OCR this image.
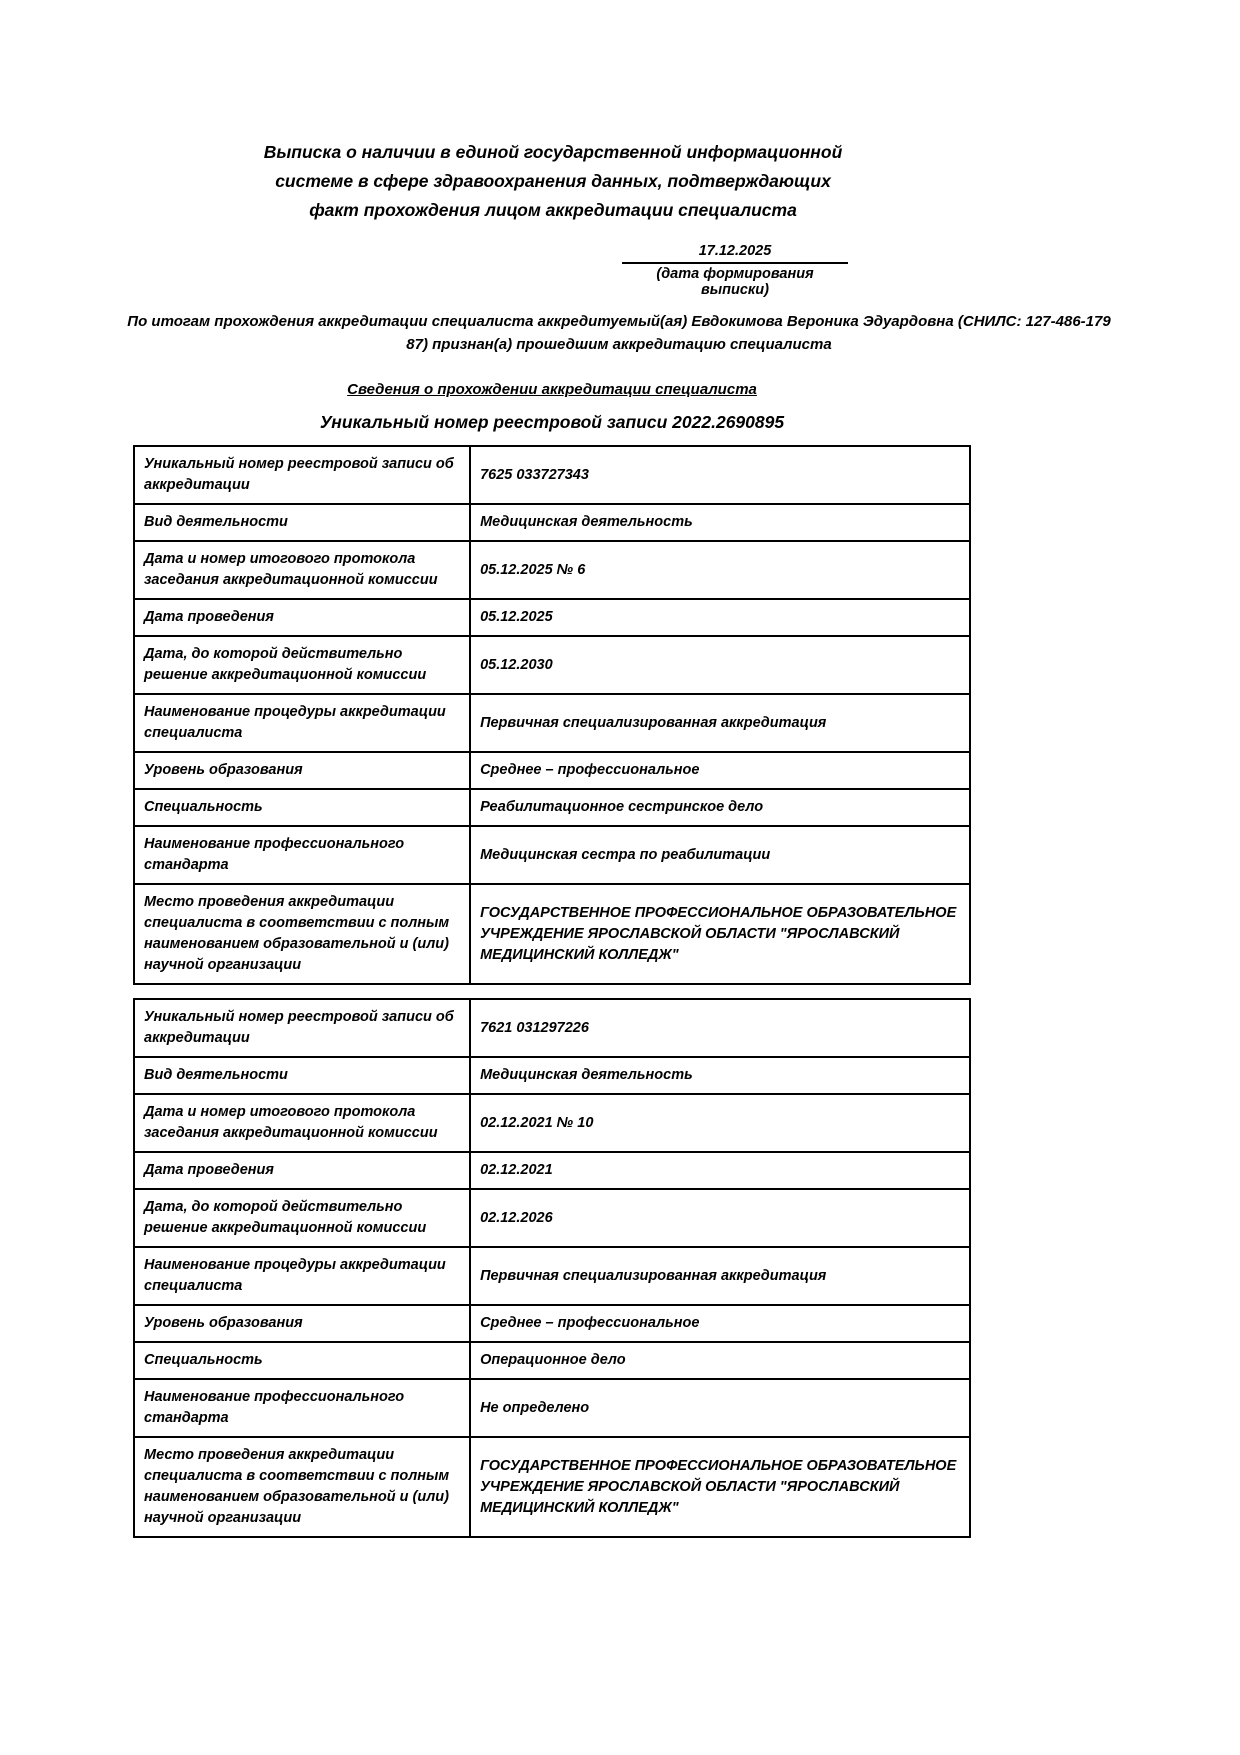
Выписка о наличии в единой государственной информационной системе в сфере здравоохранения данных, подтверждающих факт прохождения лицом аккредитации специалиста
17.12.2025
(дата формирования выписки)
По итогам прохождения аккредитации специалиста аккредитуемый(ая) Евдокимова Вероника Эдуардовна (СНИЛС: 127-486-179 87) признан(а) прошедшим аккредитацию специалиста
Сведения о прохождении аккредитации специалиста
Уникальный номер реестровой записи 2022.2690895
Уникальный номер реестровой записи об аккредитации	7625 033727343
Вид деятельности	Медицинская деятельность
Дата и номер итогового протокола заседания аккредитационной комиссии	05.12.2025 № 6
Дата проведения	05.12.2025
Дата, до которой действительно решение аккредитационной комиссии	05.12.2030
Наименование процедуры аккредитации специалиста	Первичная специализированная аккредитация
Уровень образования	Среднее – профессиональное
Специальность	Реабилитационное сестринское дело
Наименование профессионального стандарта	Медицинская сестра по реабилитации
Место проведения аккредитации специалиста в соответствии с полным наименованием образовательной и (или) научной организации	ГОСУДАРСТВЕННОЕ ПРОФЕССИОНАЛЬНОЕ ОБРАЗОВАТЕЛЬНОЕ УЧРЕЖДЕНИЕ ЯРОСЛАВСКОЙ ОБЛАСТИ "ЯРОСЛАВСКИЙ МЕДИЦИНСКИЙ КОЛЛЕДЖ"
Уникальный номер реестровой записи об аккредитации	7621 031297226
Вид деятельности	Медицинская деятельность
Дата и номер итогового протокола заседания аккредитационной комиссии	02.12.2021 № 10
Дата проведения	02.12.2021
Дата, до которой действительно решение аккредитационной комиссии	02.12.2026
Наименование процедуры аккредитации специалиста	Первичная специализированная аккредитация
Уровень образования	Среднее – профессиональное
Специальность	Операционное дело
Наименование профессионального стандарта	Не определено
Место проведения аккредитации специалиста в соответствии с полным наименованием образовательной и (или) научной организации	ГОСУДАРСТВЕННОЕ ПРОФЕССИОНАЛЬНОЕ ОБРАЗОВАТЕЛЬНОЕ УЧРЕЖДЕНИЕ ЯРОСЛАВСКОЙ ОБЛАСТИ "ЯРОСЛАВСКИЙ МЕДИЦИНСКИЙ КОЛЛЕДЖ"
